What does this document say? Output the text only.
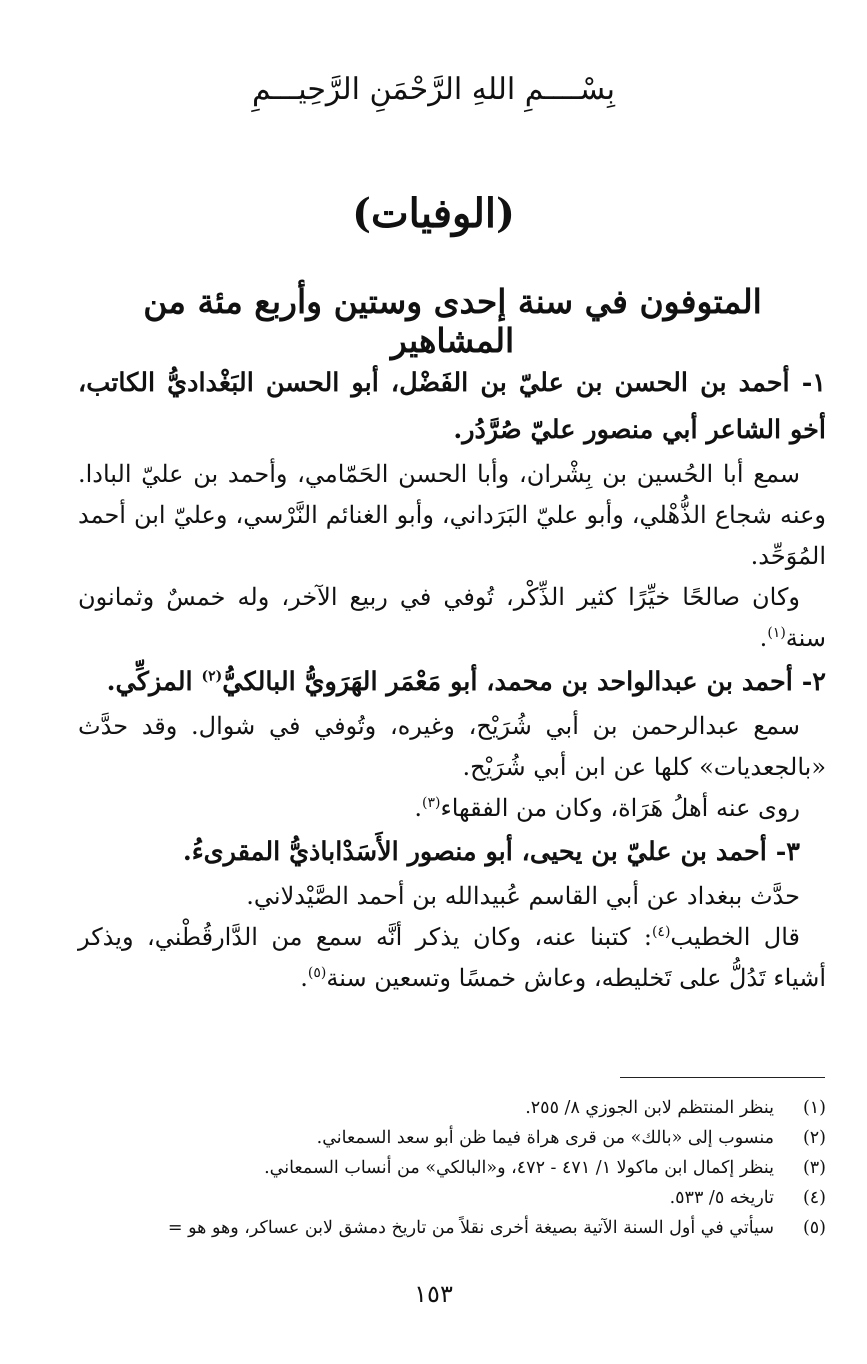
بِسْــــمِ اللهِ الرَّحْمَنِ الرَّحِيـــمِ
(الوفيات)
المتوفون في سنة إحدى وستين وأربع مئة من المشاهير

١- أحمد بن الحسن بن عليّ بن الفَضْل، أبو الحسن البَغْداديُّ الكاتب، أخو الشاعر أبي منصور عليّ صُرَّدُر.

سمع أبا الحُسين بن بِشْران، وأبا الحسن الحَمّامي، وأحمد بن عليّ البادا. وعنه شجاع الذُّهْلي، وأبو عليّ البَرَداني، وأبو الغنائم النَّرْسي، وعليّ ابن أحمد المُوَحِّد.

وكان صالحًا خيِّرًا كثير الذِّكْر، تُوفي في ربيع الآخر، وله خمسٌ وثمانون سنة$^{(١)}$.

٢- أحمد بن عبدالواحد بن محمد، أبو مَعْمَر الهَرَويُّ البالكيُّ$^{(٢)}$ المزكِّي.

سمع عبدالرحمن بن أبي شُرَيْح، وغيره، وتُوفي في شوال. وقد حدَّث «بالجعديات» كلها عن ابن أبي شُرَيْح.

روى عنه أهلُ هَرَاة، وكان من الفقهاء$^{(٣)}$.

٣- أحمد بن عليّ بن يحيى، أبو منصور الأَسَدْاباذيُّ المقرىءُ.

حدَّث ببغداد عن أبي القاسم عُبيدالله بن أحمد الصَّيْدلاني.

قال الخطيب$^{(٤)}$: كتبنا عنه، وكان يذكر أنَّه سمع من الدَّارقُطْني، ويذكر أشياء تَدُلُّ على تَخليطه، وعاش خمسًا وتسعين سنة$^{(٥)}$.

(١)
ينظر المنتظم لابن الجوزي ٨/ ٢٥٥.
(٢)
منسوب إلى «بالك» من قرى هراة فيما ظن أبو سعد السمعاني.
(٣)
ينظر إكمال ابن ماكولا ١/ ٤٧١ - ٤٧٢، و«البالكي» من أنساب السمعاني.
(٤)
تاريخه ٥/ ٥٣٣.
(٥)
سيأتي في أول السنة الآتية بصيغة أخرى نقلاً من تاريخ دمشق لابن عساكر، وهو هو =
١٥٣
